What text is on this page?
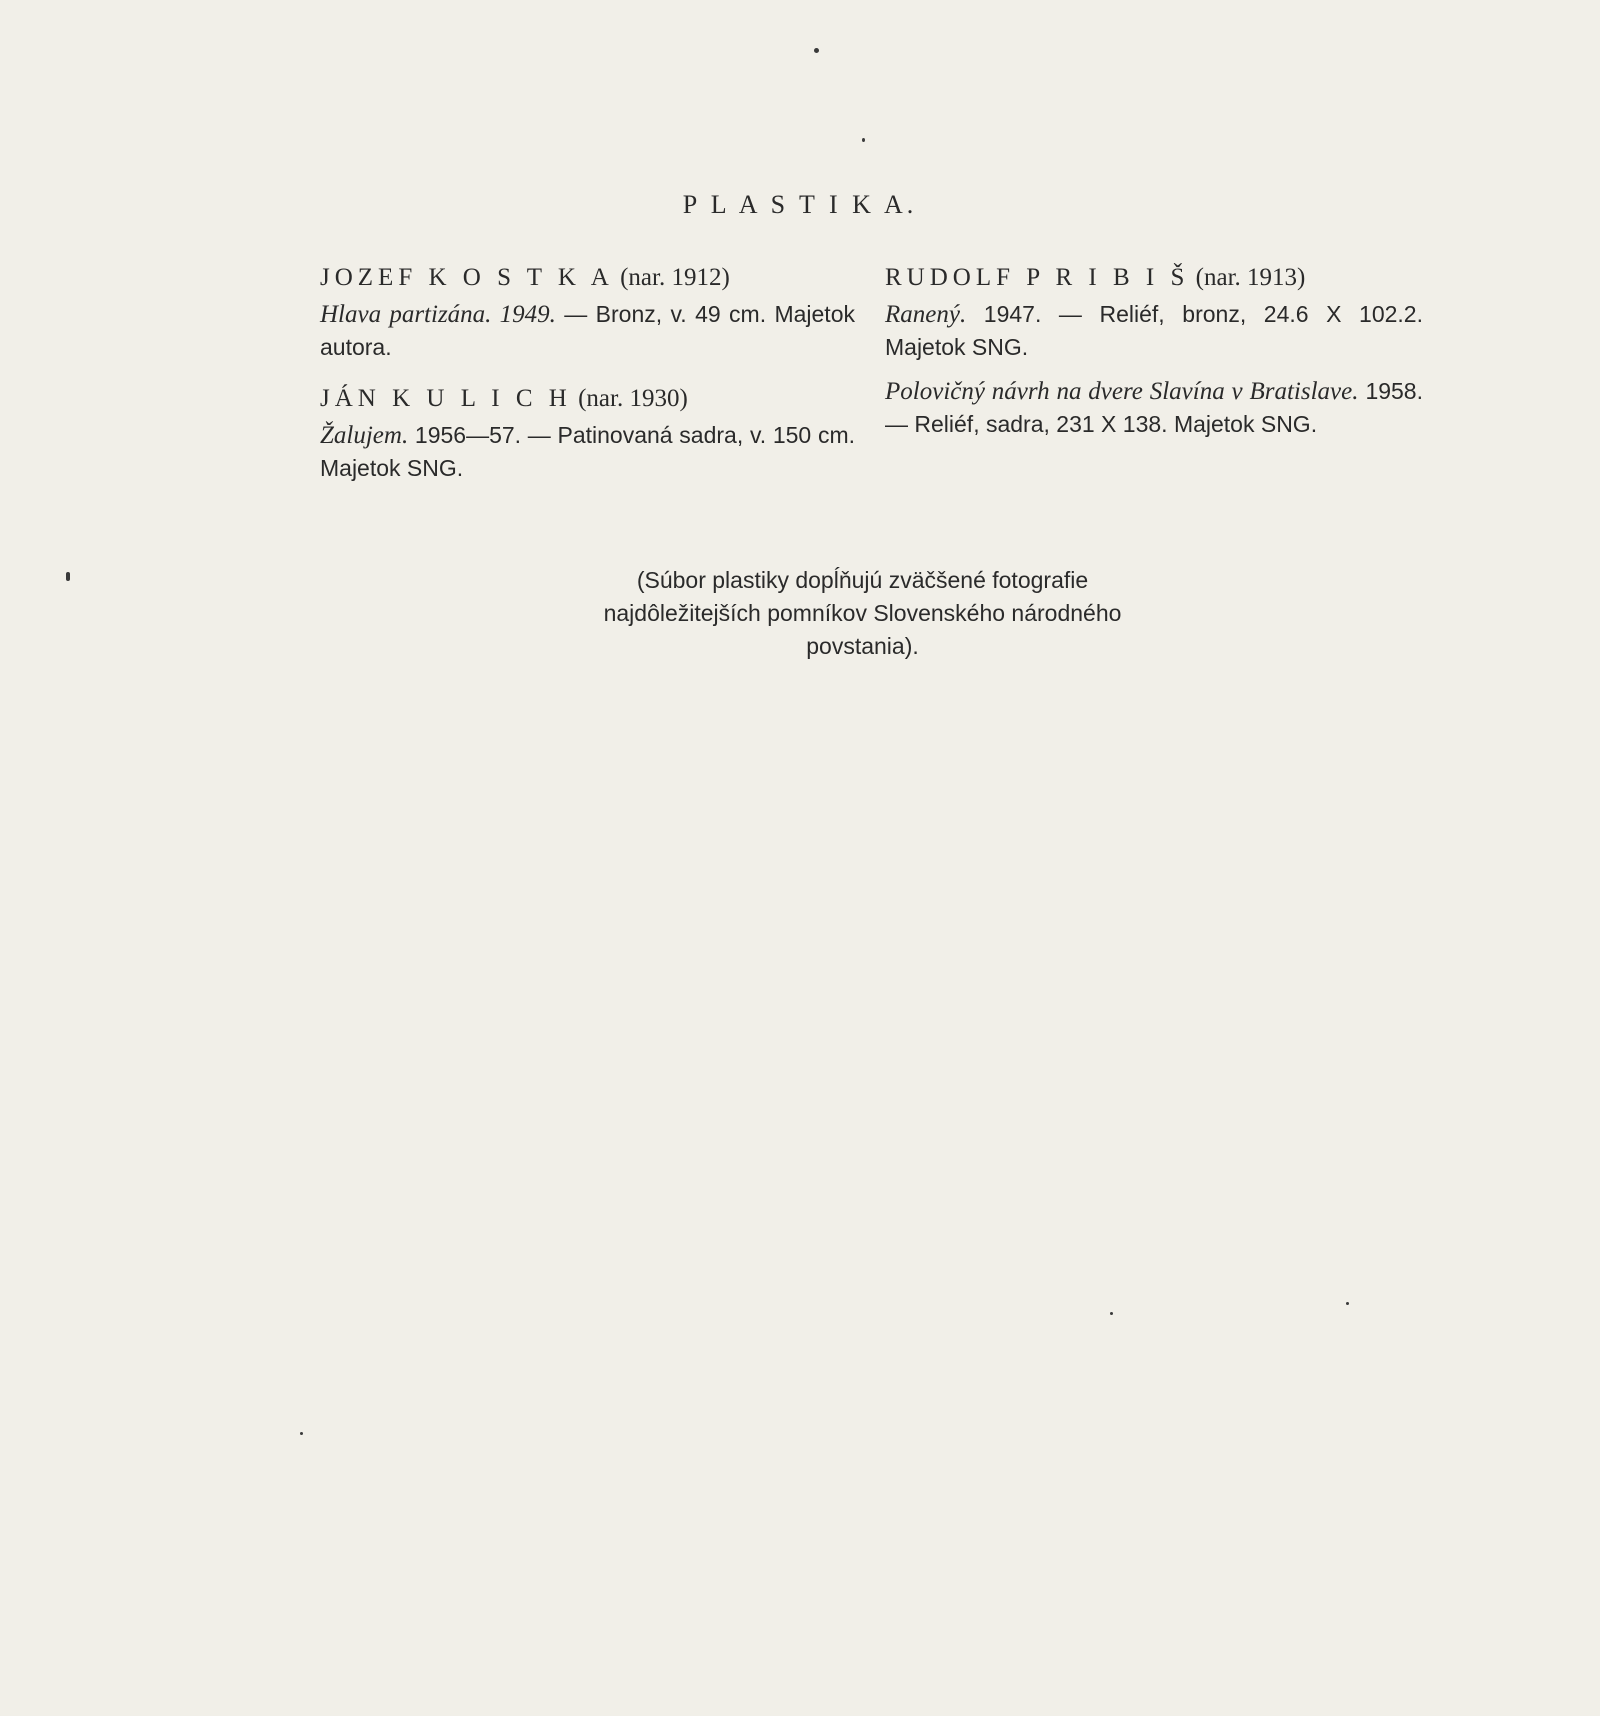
P L A S T I K A.
JOZEF K O S T K A (nar. 1912)
Hlava partizána. 1949. — Bronz, v. 49 cm. Majetok autora.
JÁN K U L I C H (nar. 1930)
Žalujem. 1956—57. — Patinovaná sadra, v. 150 cm. Majetok SNG.
RUDOLF P R I B I Š (nar. 1913)
Ranený. 1947. — Reliéf, bronz, 24.6 X 102.2. Majetok SNG.
Polovičný návrh na dvere Slavína v Bratislave. 1958. — Reliéf, sadra, 231 X 138. Majetok SNG.
(Súbor plastiky dopĺňujú zväčšené fotografie najdôležitejších pomníkov Slovenského národného povstania).
